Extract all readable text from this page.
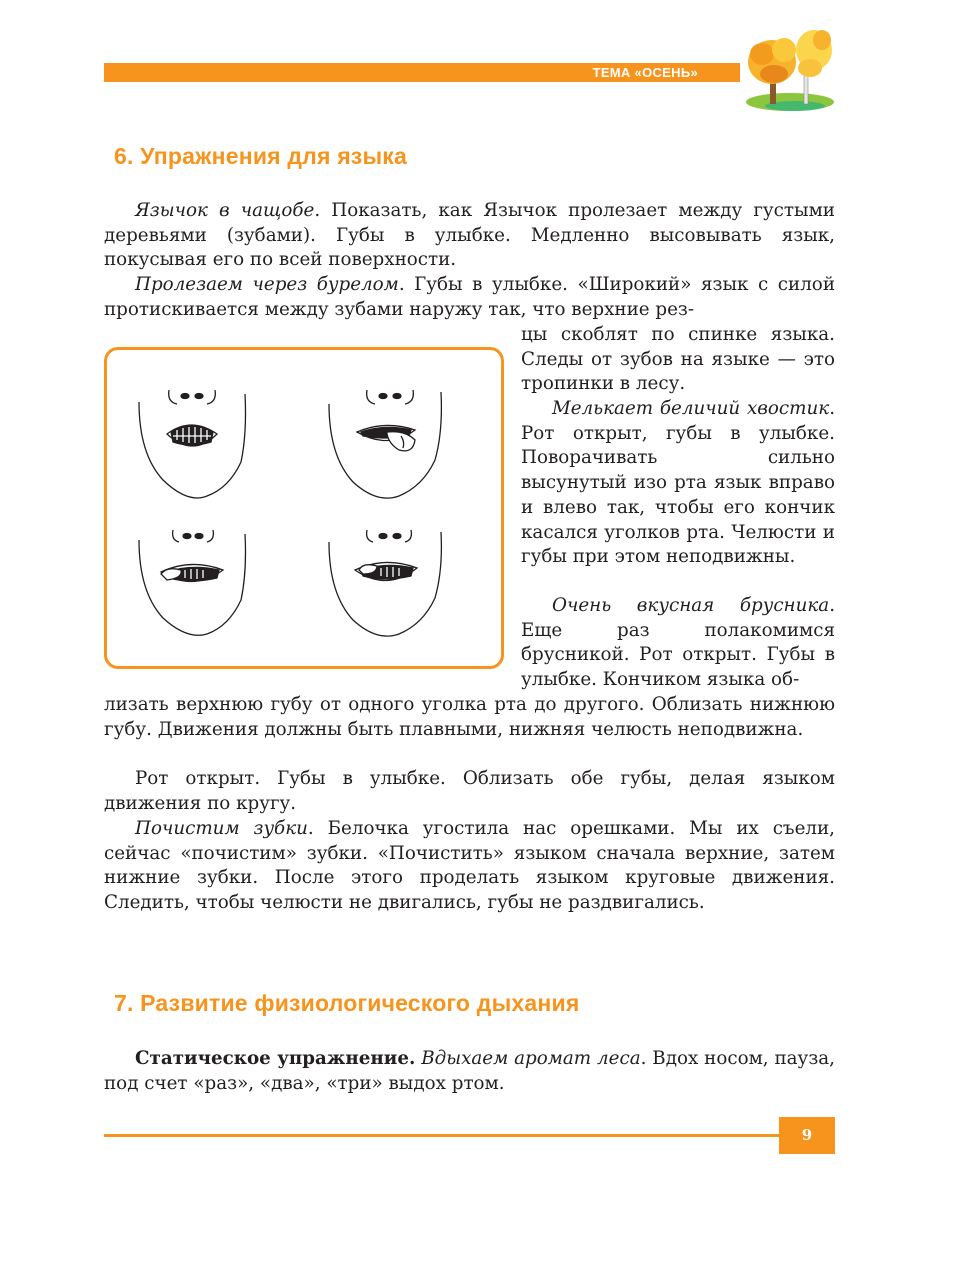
ТЕМА «ОСЕНЬ»
6. Упражнения для языка

Язычок в чащобе. Показать, как Язычок пролезает между густыми деревьями (зубами). Губы в улыбке. Медленно высовывать язык, покусывая его по всей поверхности.

Пролезаем через бурелом. Губы в улыбке. «Широкий» язык с силой протискивается между зубами наружу так, что верхние рез-

цы скоблят по спинке языка. Следы от зубов на языке — это тропинки в лесу.

Мелькает беличий хвостик. Рот открыт, губы в улыбке. Поворачивать сильно высунутый изо рта язык вправо и влево так, чтобы его кончик касался уголков рта. Челюсти и губы при этом неподвижны.

Очень вкусная брусника. Еще раз полакомимся брусникой. Рот открыт. Губы в улыбке. Кончиком языка об-

лизать верхнюю губу от одного уголка рта до другого. Облизать нижнюю губу. Движения должны быть плавными, нижняя челюсть неподвижна.

Рот открыт. Губы в улыбке. Облизать обе губы, делая языком движения по кругу.

Почистим зубки. Белочка угостила нас орешками. Мы их съели, сейчас «почистим» зубки. «Почистить» языком сначала верхние, затем нижние зубки. После этого проделать языком круговые движения. Следить, чтобы челюсти не двигались, губы не раздвигались.

7. Развитие физиологического дыхания

Статическое упражнение. Вдыхаем аромат леса. Вдох носом, пауза, под счет «раз», «два», «три» выдох ртом.

9
